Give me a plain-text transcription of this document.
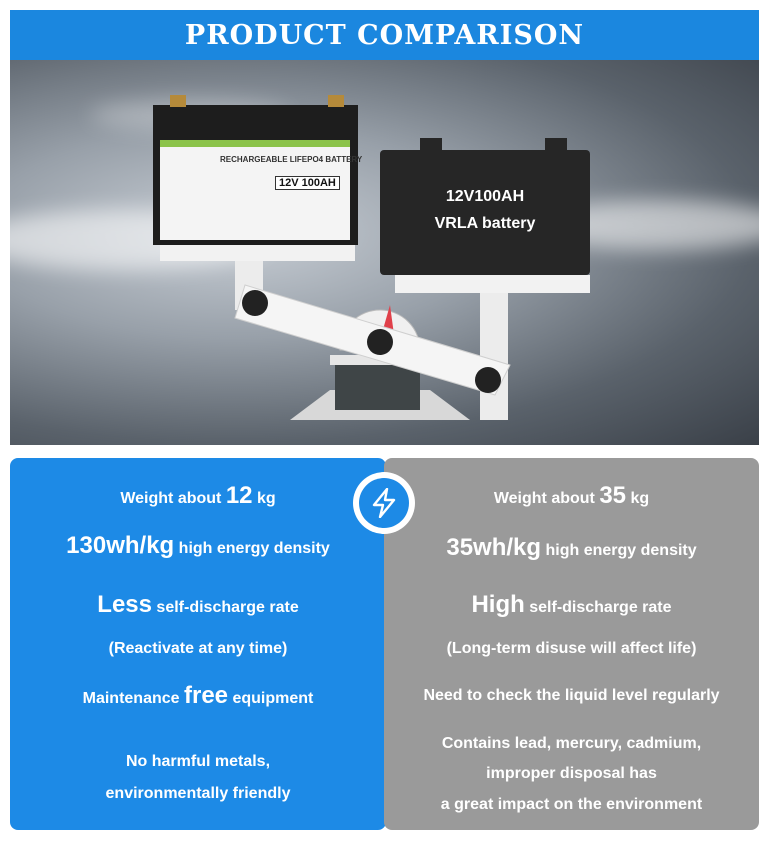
PRODUCT COMPARISON
RECHARGEABLE LIFEPO4 BATTERY
12V 100AH
12V100AH
VRLA battery
Weight about 12 kg
130wh/kg high energy density
Less self-discharge rate
(Reactivate at any time)
Maintenance free equipment
No harmful metals,
environmentally friendly
Weight about 35 kg
35wh/kg high energy density
High self-discharge rate
(Long-term disuse will affect life)
Need to check the liquid level regularly
Contains lead, mercury, cadmium,
improper disposal has
a great impact on the environment
